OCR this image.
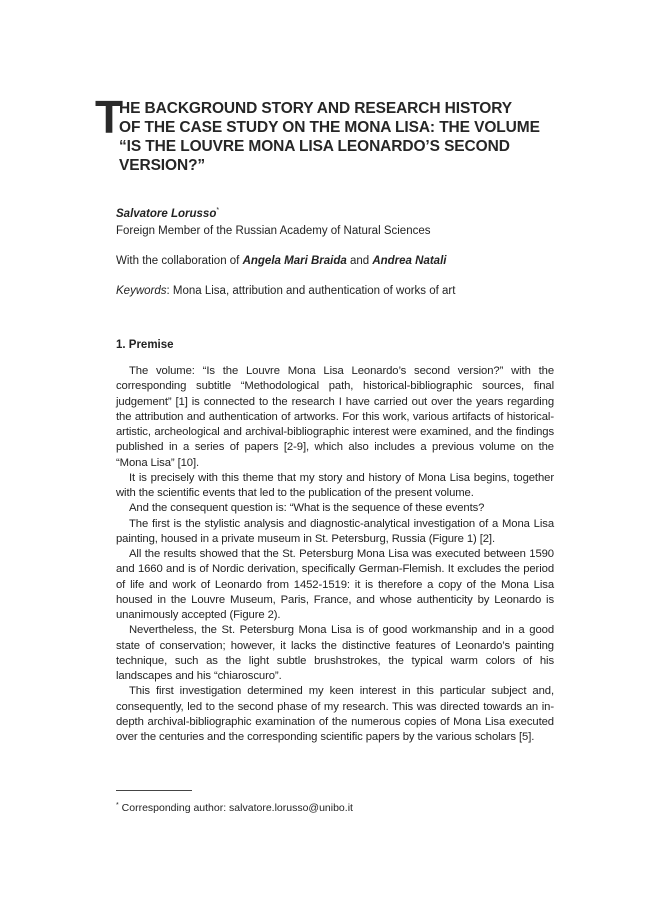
T
HE BACKGROUND STORY AND RESEARCH HISTORY
OF THE CASE STUDY ON THE MONA LISA: THE VOLUME
“IS THE LOUVRE MONA LISA LEONARDO’S SECOND
VERSION?”
Salvatore Lorusso*
Foreign Member of the Russian Academy of Natural Sciences
With the collaboration of Angela Mari Braida and Andrea Natali
Keywords: Mona Lisa, attribution and authentication of works of art
1. Premise

The volume: “Is the Louvre Mona Lisa Leonardo’s second version?” with the corresponding subtitle “Methodological path, historical-bibliographic sources, final judgement” [1] is connected to the research I have carried out over the years regarding the attribution and authentication of artworks. For this work, various artifacts of historical-artistic, archeological and archival-bibliographic interest were examined, and the findings published in a series of papers [2-9], which also includes a previous volume on the “Mona Lisa” [10].

It is precisely with this theme that my story and history of Mona Lisa begins, together with the scientific events that led to the publication of the present volume.

And the consequent question is: “What is the sequence of these events?

The first is the stylistic analysis and diagnostic-analytical investigation of a Mona Lisa painting, housed in a private museum in St. Petersburg, Russia (Figure 1) [2].

All the results showed that the St. Petersburg Mona Lisa was executed between 1590 and 1660 and is of Nordic derivation, specifically German-Flemish. It excludes the period of life and work of Leonardo from 1452-1519: it is therefore a copy of the Mona Lisa housed in the Louvre Museum, Paris, France, and whose authenticity by Leonardo is unanimously accepted (Figure 2).

Nevertheless, the St. Petersburg Mona Lisa is of good workmanship and in a good state of conservation; however, it lacks the distinctive features of Leonardo’s painting technique, such as the light subtle brushstrokes, the typical warm colors of his landscapes and his “chiaroscuro”.

This first investigation determined my keen interest in this particular subject and, consequently, led to the second phase of my research. This was directed towards an in-depth archival-bibliographic examination of the numerous copies of Mona Lisa executed over the centuries and the corresponding scientific papers by the various scholars [5].

* Corresponding author: salvatore.lorusso@unibo.it
